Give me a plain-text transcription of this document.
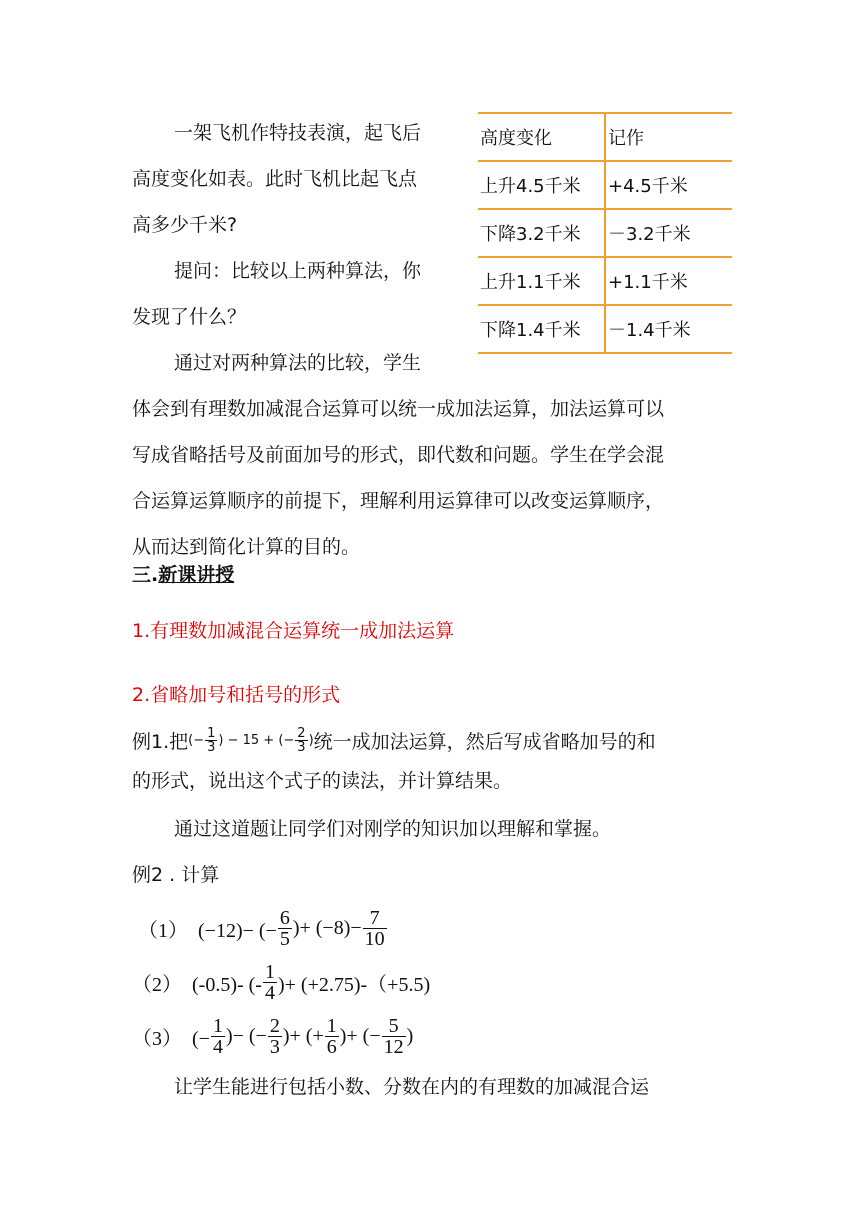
一架飞机作特技表演，起飞后
高度变化如表。此时飞机比起飞点
高多少千米?
提问：比较以上两种算法，你
发现了什么？
通过对两种算法的比较，学生
体会到有理数加减混合运算可以统一成加法运算，加法运算可以
写成省略括号及前面加号的形式，即代数和问题。学生在学会混
合运算运算顺序的前提下，理解利用运算律可以改变运算顺序，
从而达到简化计算的目的。
高度变化	记作
上升4.5千米	+4.5千米
下降3.2千米	－3.2千米
上升1.1千米	+1.1千米
下降1.4千米	－1.4千米
三.新课讲授
1.有理数加减混合运算统一成加法运算
2.省略加号和括号的形式
例1.把 (− $\frac{1}{3}$ ) − 15 + (− $\frac{2}{3}$ ) 统一成加法运算，然后写成省略加号的和
的形式，说出这个式子的读法，并计算结果。
通过这道题让同学们对刚学的知识加以理解和掌握。
例2 . 计算
（1）  (−12)− (− $\frac{6}{5}$ )+ $(-8)- \frac{7}{10}$
（2）  (-0.5)- (- $\frac{1}{4}$ )+ (+2.75)-（+5.5)
（3）  (− $\frac{1}{4}$ )− (− $\frac{2}{3}$ )+ (+ $\frac{1}{6}$ )+ (− $\frac{5}{12}$ )
让学生能进行包括小数、分数在内的有理数的加减混合运
